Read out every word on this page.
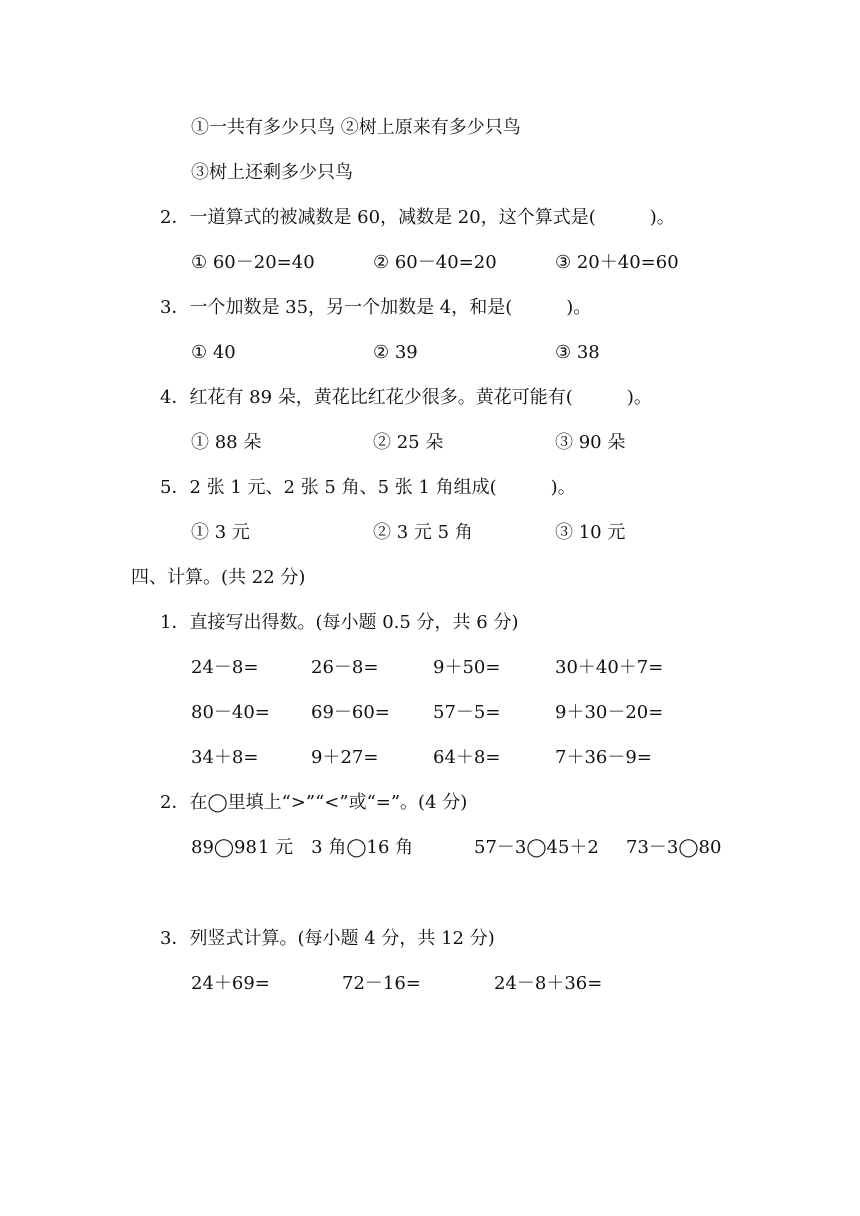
①一共有多少只鸟 ②树上原来有多少只鸟
③树上还剩多少只鸟
2．一道算式的被减数是 60，减数是 20，这个算式是(　　　)。
① 60－20=40	② 60－40=20	③ 20＋40=60
3．一个加数是 35，另一个加数是 4，和是(　　　)。
① 40	② 39	③ 38
4．红花有 89 朵，黄花比红花少很多。黄花可能有(　　　)。
① 88 朵	② 25 朵	③ 90 朵
5．2 张 1 元、2 张 5 角、5 张 1 角组成(　　　)。
① 3 元	② 3 元 5 角	③ 10 元
四、计算。(共 22 分)
1．直接写出得数。(每小题 0.5 分，共 6 分)
24－8=	26－8=	9＋50=	30＋40＋7=
80－40= 69－60= 57－5=	9＋30－20=
34＋8=	9＋27=	64＋8=	7＋36－9=
2．在◯里填上“>”“<”或“=”。(4 分)
89◯98 1 元　3 角◯16 角	57－3◯45＋2 73－3◯80
3．列竖式计算。(每小题 4 分，共 12 分)
24＋69=	72－16=	24－8＋36=
